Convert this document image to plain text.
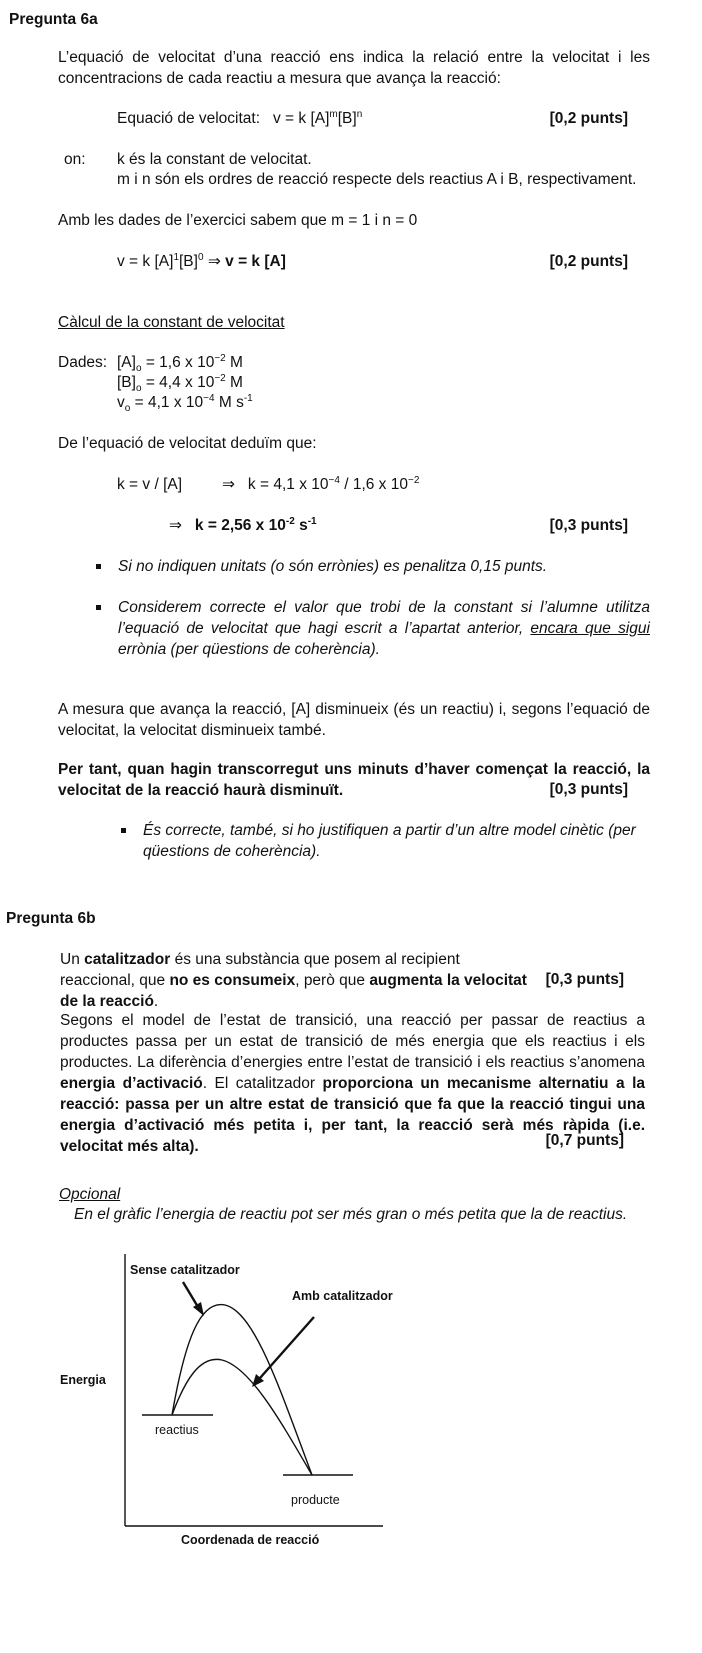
Pregunta 6a
L’equació de velocitat d’una reacció ens indica la relació entre la velocitat i les concentracions de cada reactiu a mesura que avança la reacció:
Equació de velocitat: v = k $[A]^m[B]^n$	[0,2 punts]
on: k és la constant de velocitat.
m i n són els ordres de reacció respecte dels reactius A i B, respectivament.
Amb les dades de l’exercici sabem que m = 1 i n = 0
v = k $[A]^1[B]^0$ ⇒ v = k [A]	[0,2 punts]
Càlcul de la constant de velocitat
Dades: $[A]_o = 1,6$ x $10^{-2}$ M
$[B]_o = 4,4$ x $10^{-2}$ M
$v_o = 4,1$ x $10^{-4}$ M $s^{-1}$
De l’equació de velocitat deduïm que:
k = v / [A]	⇒ k = 4,1 x $10^{-4} / 1,6$ x $10^{-2}$
⇒ k = 2,56 x $10^{-2}$ $s^{-1}$	[0,3 punts]
Si no indiquen unitats (o són errònies) es penalitza 0,15 punts.
Considerem correcte el valor que trobi de la constant si l’alumne utilitza l’equació de velocitat que hagi escrit a l’apartat anterior, encara que sigui errònia (per qüestions de coherència).
A mesura que avança la reacció, [A] disminueix (és un reactiu) i, segons l’equació de velocitat, la velocitat disminueix també.
Per tant, quan hagin transcorregut uns minuts d’haver començat la reacció, la velocitat de la reacció haurà disminuït.	[0,3 punts]
És correcte, també, si ho justifiquen a partir d’un altre model cinètic (per qüestions de coherència).
Pregunta 6b
Un catalitzador és una substància que posem al recipient reaccional, que no es consumeix, però que augmenta la velocitat de la reacció.
[0,3 punts]
Segons el model de l’estat de transició, una reacció per passar de reactius a productes passa per un estat de transició de més energia que els reactius i els productes. La diferència d’energies entre l’estat de transició i els reactius s’anomena energia d’activació. El catalitzador proporciona un mecanisme alternatiu a la reacció: passa per un altre estat de transició que fa que la reacció tingui una energia d’activació més petita i, per tant, la reacció serà més ràpida (i.e. velocitat més alta).	[0,7 punts]
Opcional
En el gràfic l’energia de reactiu pot ser més gran o més petita que la de reactius.
Sense catalitzador
Amb catalitzador
Energia
reactius
producte
Coordenada de reacció
